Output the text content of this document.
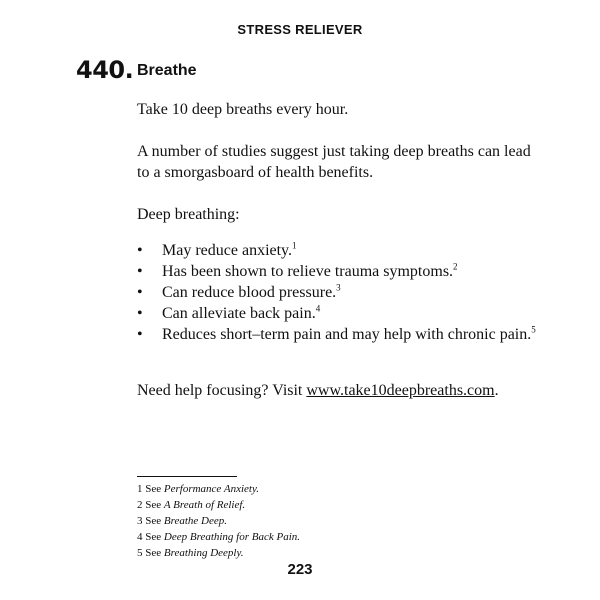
STRESS RELIEVER
440. Breathe
Take 10 deep breaths every hour.
A number of studies suggest just taking deep breaths can lead to a smorgasboard of health benefits.
Deep breathing:
• May reduce anxiety.$^1$
• Has been shown to relieve trauma symptoms.$^2$
• Can reduce blood pressure.$^3$
• Can alleviate back pain.$^4$
• Reduces short–term pain and may help with chronic pain.$^5$
Need help focusing? Visit www.take10deepbreaths.com.
1 See Performance Anxiety.
2 See A Breath of Relief.
3 See Breathe Deep.
4 See Deep Breathing for Back Pain.
5 See Breathing Deeply.
223
